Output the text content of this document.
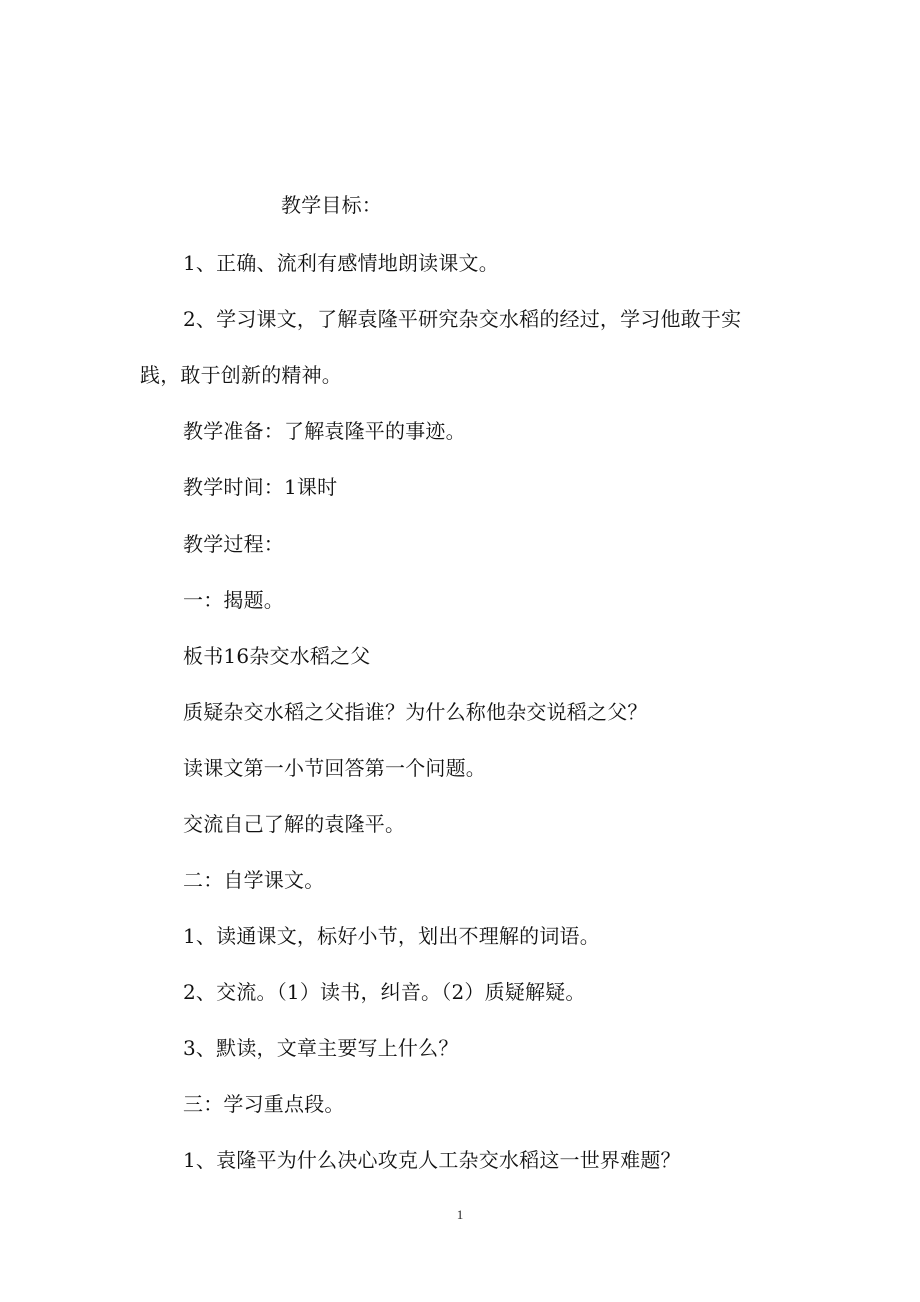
教学目标：
1、正确、流利有感情地朗读课文。
2、学习课文，了解袁隆平研究杂交水稻的经过，学习他敢于实
践，敢于创新的精神。
教学准备：了解袁隆平的事迹。
教学时间：1课时
教学过程：
一：揭题。
板书16杂交水稻之父
质疑杂交水稻之父指谁？为什么称他杂交说稻之父？
读课文第一小节回答第一个问题。
交流自己了解的袁隆平。
二：自学课文。
1、读通课文，标好小节，划出不理解的词语。
2、交流。（1）读书，纠音。（2）质疑解疑。
3、默读，文章主要写上什么？
三：学习重点段。
1、袁隆平为什么决心攻克人工杂交水稻这一世界难题？
1
